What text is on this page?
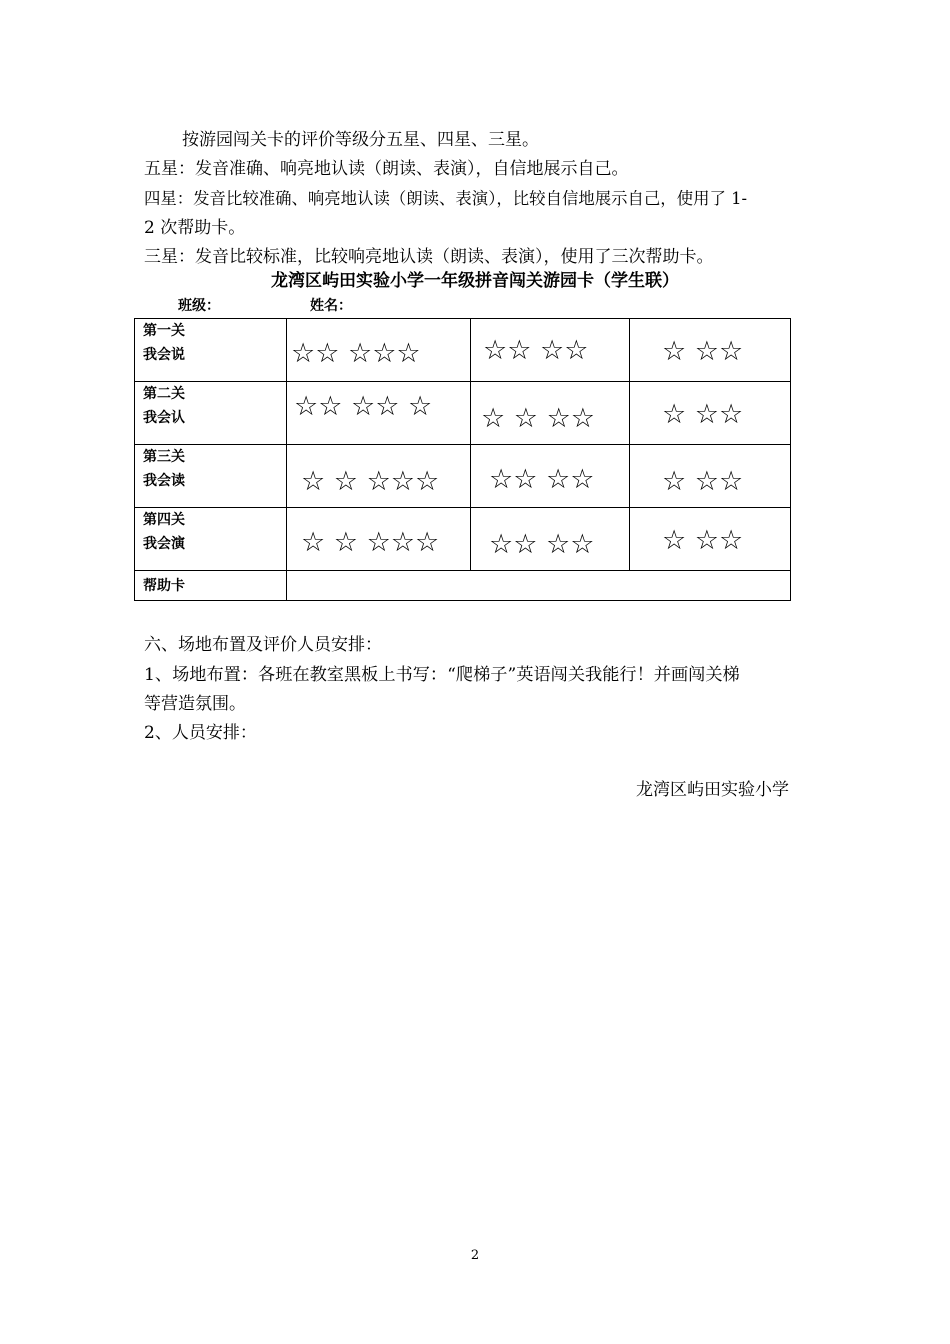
按游园闯关卡的评价等级分五星、四星、三星。
五星：发音准确、响亮地认读（朗读、表演），自信地展示自己。
四星：发音比较准确、响亮地认读（朗读、表演），比较自信地展示自己，使用了 1-
2 次帮助卡。
三星：发音比较标准，比较响亮地认读（朗读、表演），使用了三次帮助卡。
龙湾区屿田实验小学一年级拼音闯关游园卡（学生联）
班级：	姓名：
第一关
我会说	☆☆ ☆☆☆	☆☆ ☆☆	☆ ☆☆

第二关
我会认	☆☆ ☆☆ ☆	☆ ☆ ☆☆	☆ ☆☆

第三关
我会读	☆ ☆ ☆☆☆	☆☆ ☆☆	☆ ☆☆

第四关
我会演	☆ ☆ ☆☆☆	☆☆ ☆☆	☆ ☆☆
帮助卡			
六、场地布置及评价人员安排：
1、场地布置：各班在教室黑板上书写：“爬梯子”英语闯关我能行！并画闯关梯
等营造氛围。
2、人员安排：
龙湾区屿田实验小学
2
